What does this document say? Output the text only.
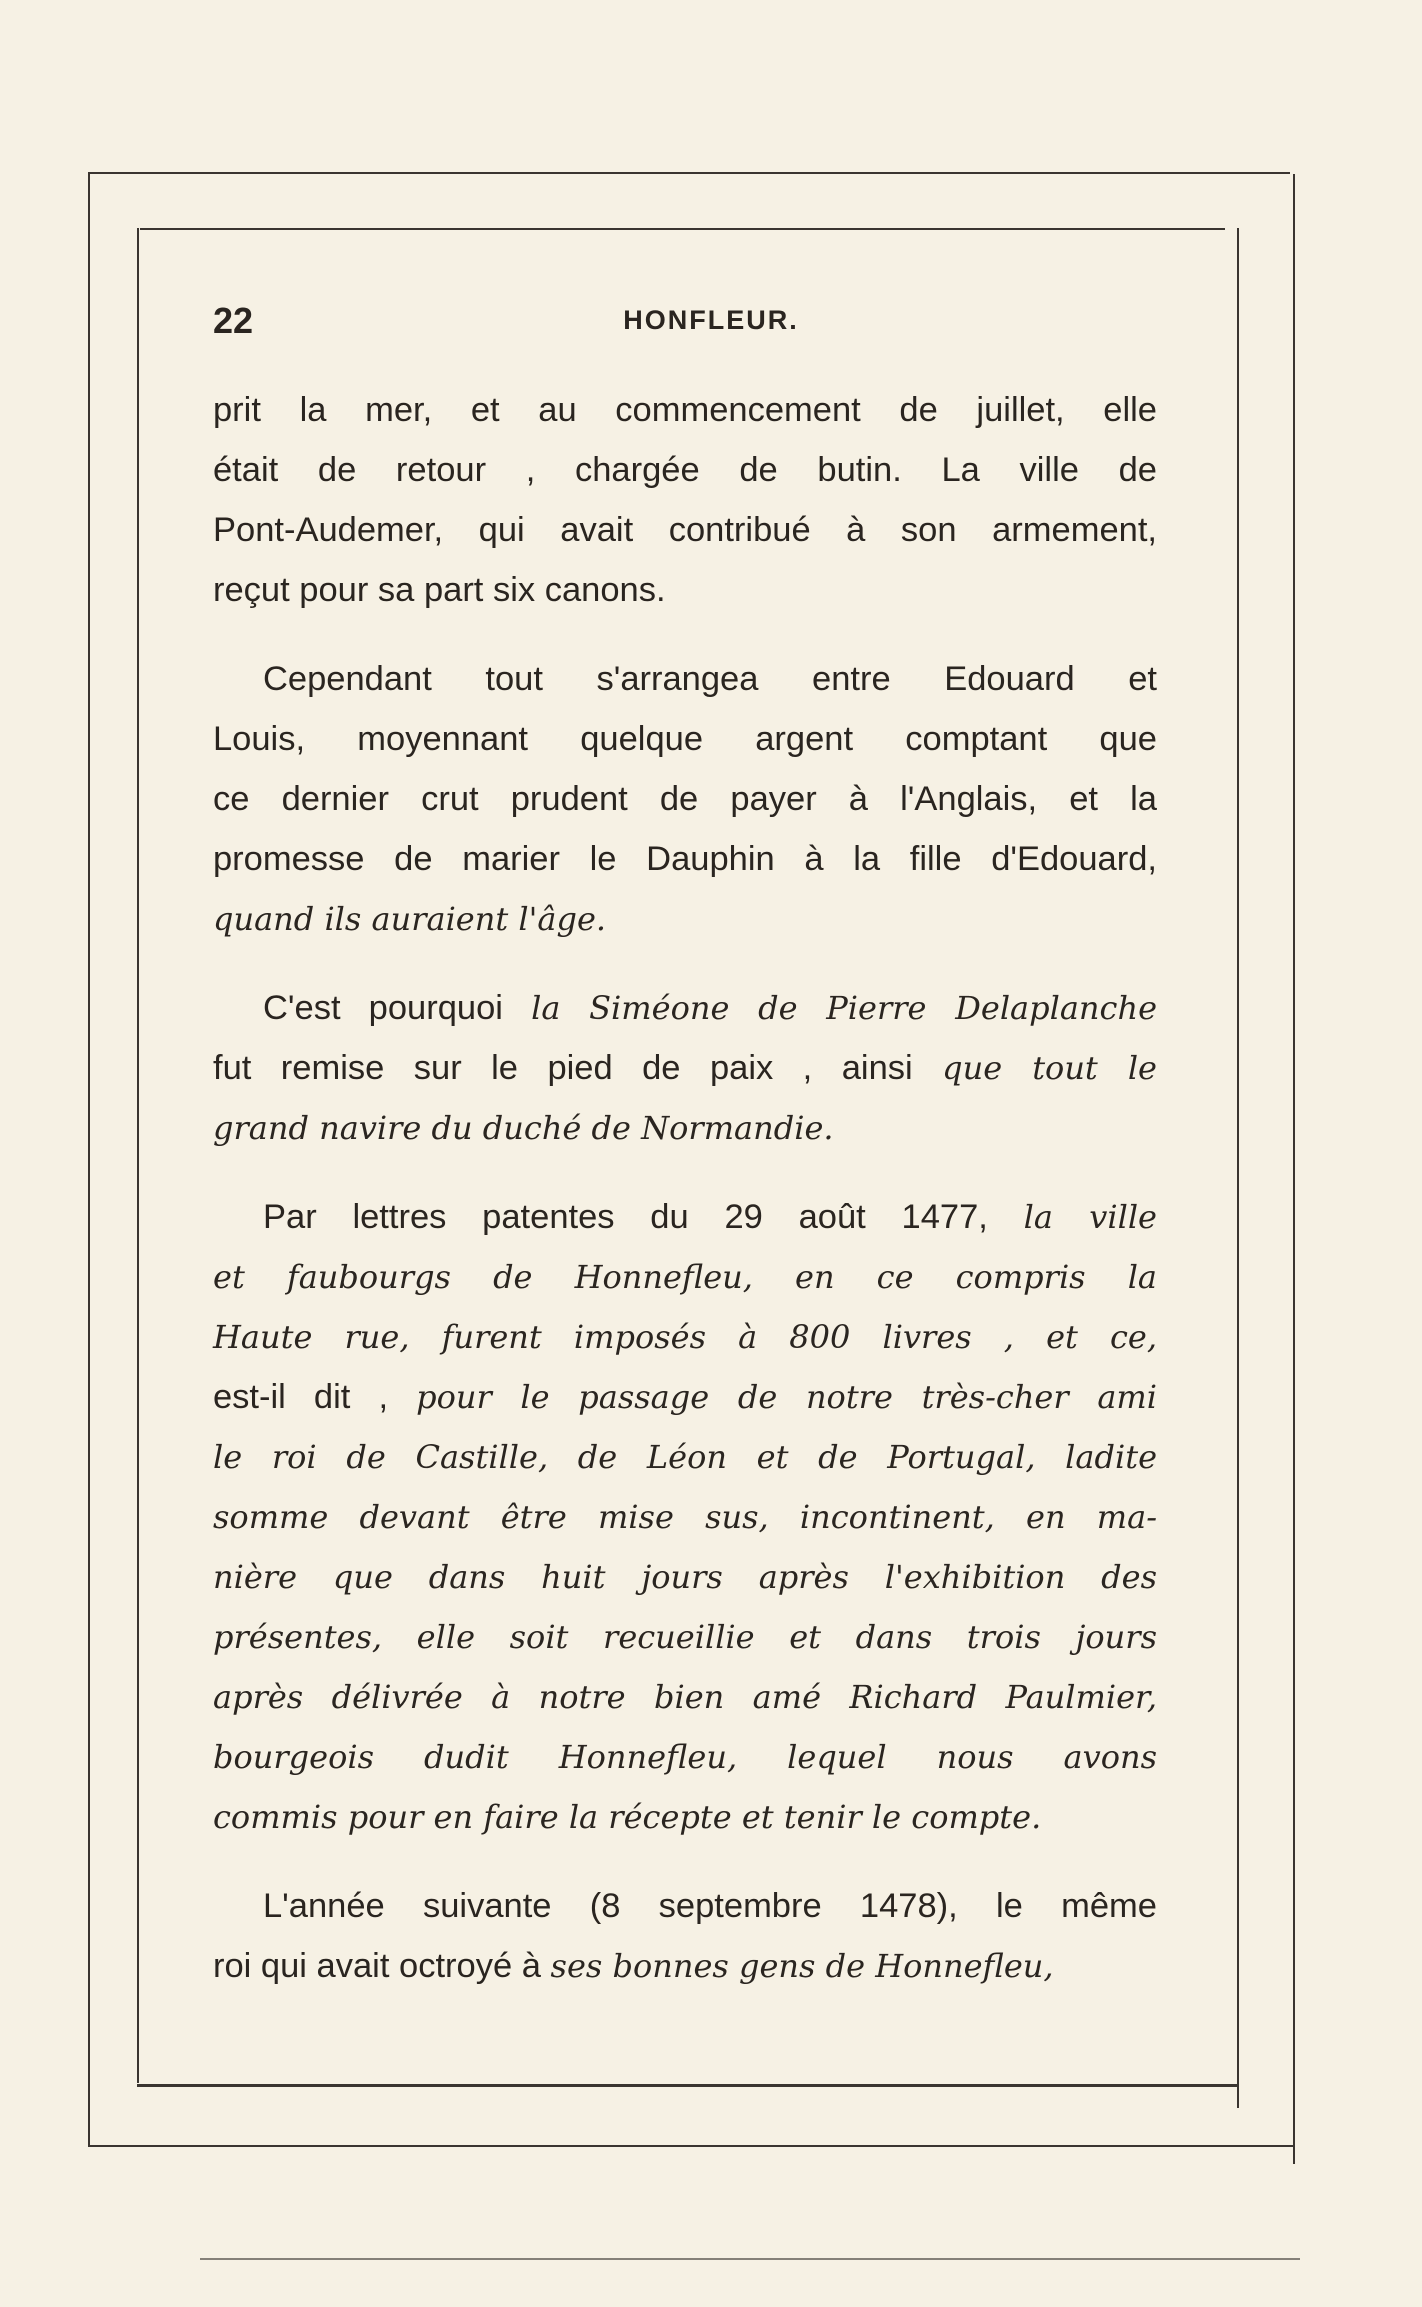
22	HONFLEUR.

prit la mer, et au commencement de juillet, elle
était de retour , chargée de butin. La ville de
Pont-Audemer, qui avait contribué à son armement,
reçut pour sa part six canons.

Cependant tout s'arrangea entre Edouard et
Louis, moyennant quelque argent comptant que
ce dernier crut prudent de payer à l'Anglais, et la
promesse de marier le Dauphin à la fille d'Edouard,
quand ils auraient l'âge.

C'est pourquoi la Siméone de Pierre Delaplanche
fut remise sur le pied de paix , ainsi que tout le
grand navire du duché de Normandie.

Par lettres patentes du 29 août 1477, la ville
et faubourgs de Honnefleu, en ce compris la
Haute rue, furent imposés à 800 livres , et ce,
est-il dit , pour le passage de notre très-cher ami
le roi de Castille, de Léon et de Portugal, ladite
somme devant être mise sus, incontinent, en ma-
nière que dans huit jours après l'exhibition des
présentes, elle soit recueillie et dans trois jours
après délivrée à notre bien amé Richard Paulmier,
bourgeois dudit Honnefleu, lequel nous avons
commis pour en faire la récepte et tenir le compte.

L'année suivante (8 septembre 1478), le même
roi qui avait octroyé à ses bonnes gens de Honnefleu,
